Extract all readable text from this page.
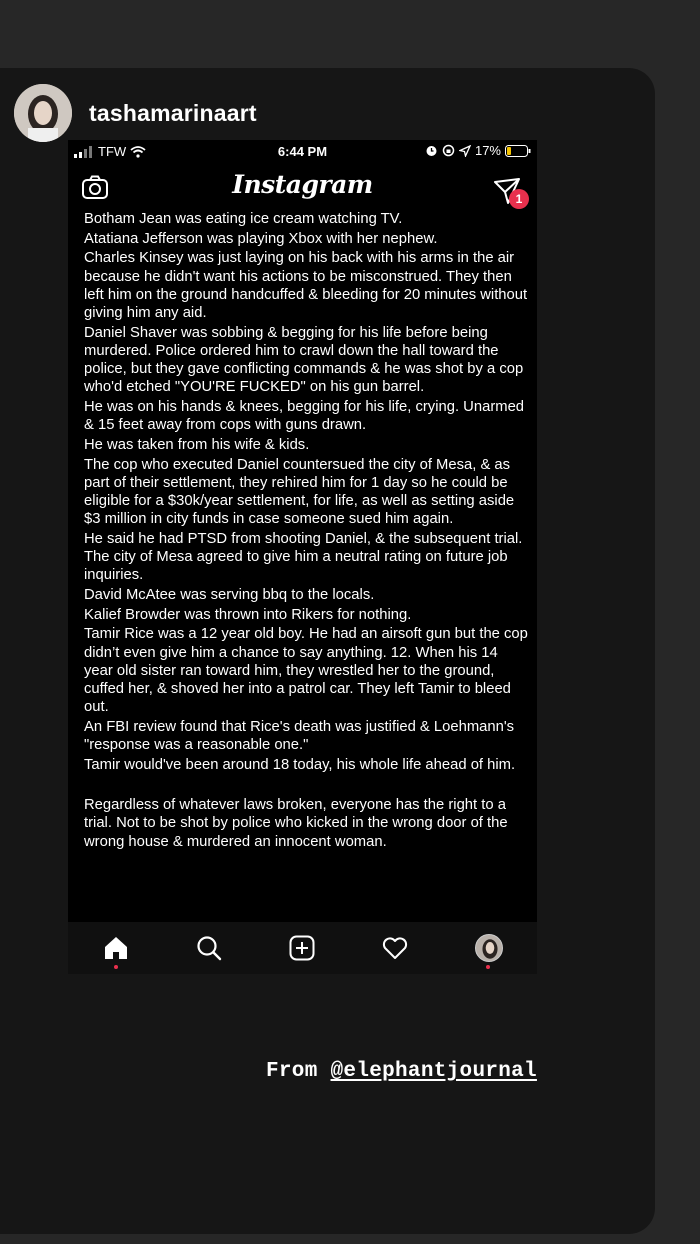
tashamarinaart
TFW	6:44 PM	17%
Instagram	1

Botham Jean was eating ice cream watching TV.

Atatiana Jefferson was playing Xbox with her nephew.

Charles Kinsey was just laying on his back with his arms in the air because he didn't want his actions to be misconstrued. They then left him on the ground handcuffed & bleeding for 20 minutes without giving him any aid.

Daniel Shaver was sobbing & begging for his life before being murdered. Police ordered him to crawl down the hall toward the police, but they gave conflicting commands & he was shot by a cop who'd etched "YOU'RE FUCKED" on his gun barrel.

He was on his hands & knees, begging for his life, crying. Unarmed & 15 feet away from cops with guns drawn.

He was taken from his wife & kids.

The cop who executed Daniel countersued the city of Mesa, & as part of their settlement, they rehired him for 1 day so he could be eligible for a $30k/year settlement, for life, as well as setting aside $3 million in city funds in case someone sued him again.

He said he had PTSD from shooting Daniel, & the subsequent trial. The city of Mesa agreed to give him a neutral rating on future job inquiries.

David McAtee was serving bbq to the locals.

Kalief Browder was thrown into Rikers for nothing.

Tamir Rice was a 12 year old boy. He had an airsoft gun but the cop didn’t even give him a chance to say anything. 12. When his 14 year old sister ran toward him, they wrestled her to the ground, cuffed her, & shoved her into a patrol car. They left Tamir to bleed out.

An FBI review found that Rice's death was justified & Loehmann's "response was a reasonable one."

Tamir would've been around 18 today, his whole life ahead of him.

Regardless of whatever laws broken, everyone has the right to a trial. Not to be shot by police who kicked in the wrong door of the wrong house & murdered an innocent woman.

From @elephantjournal
